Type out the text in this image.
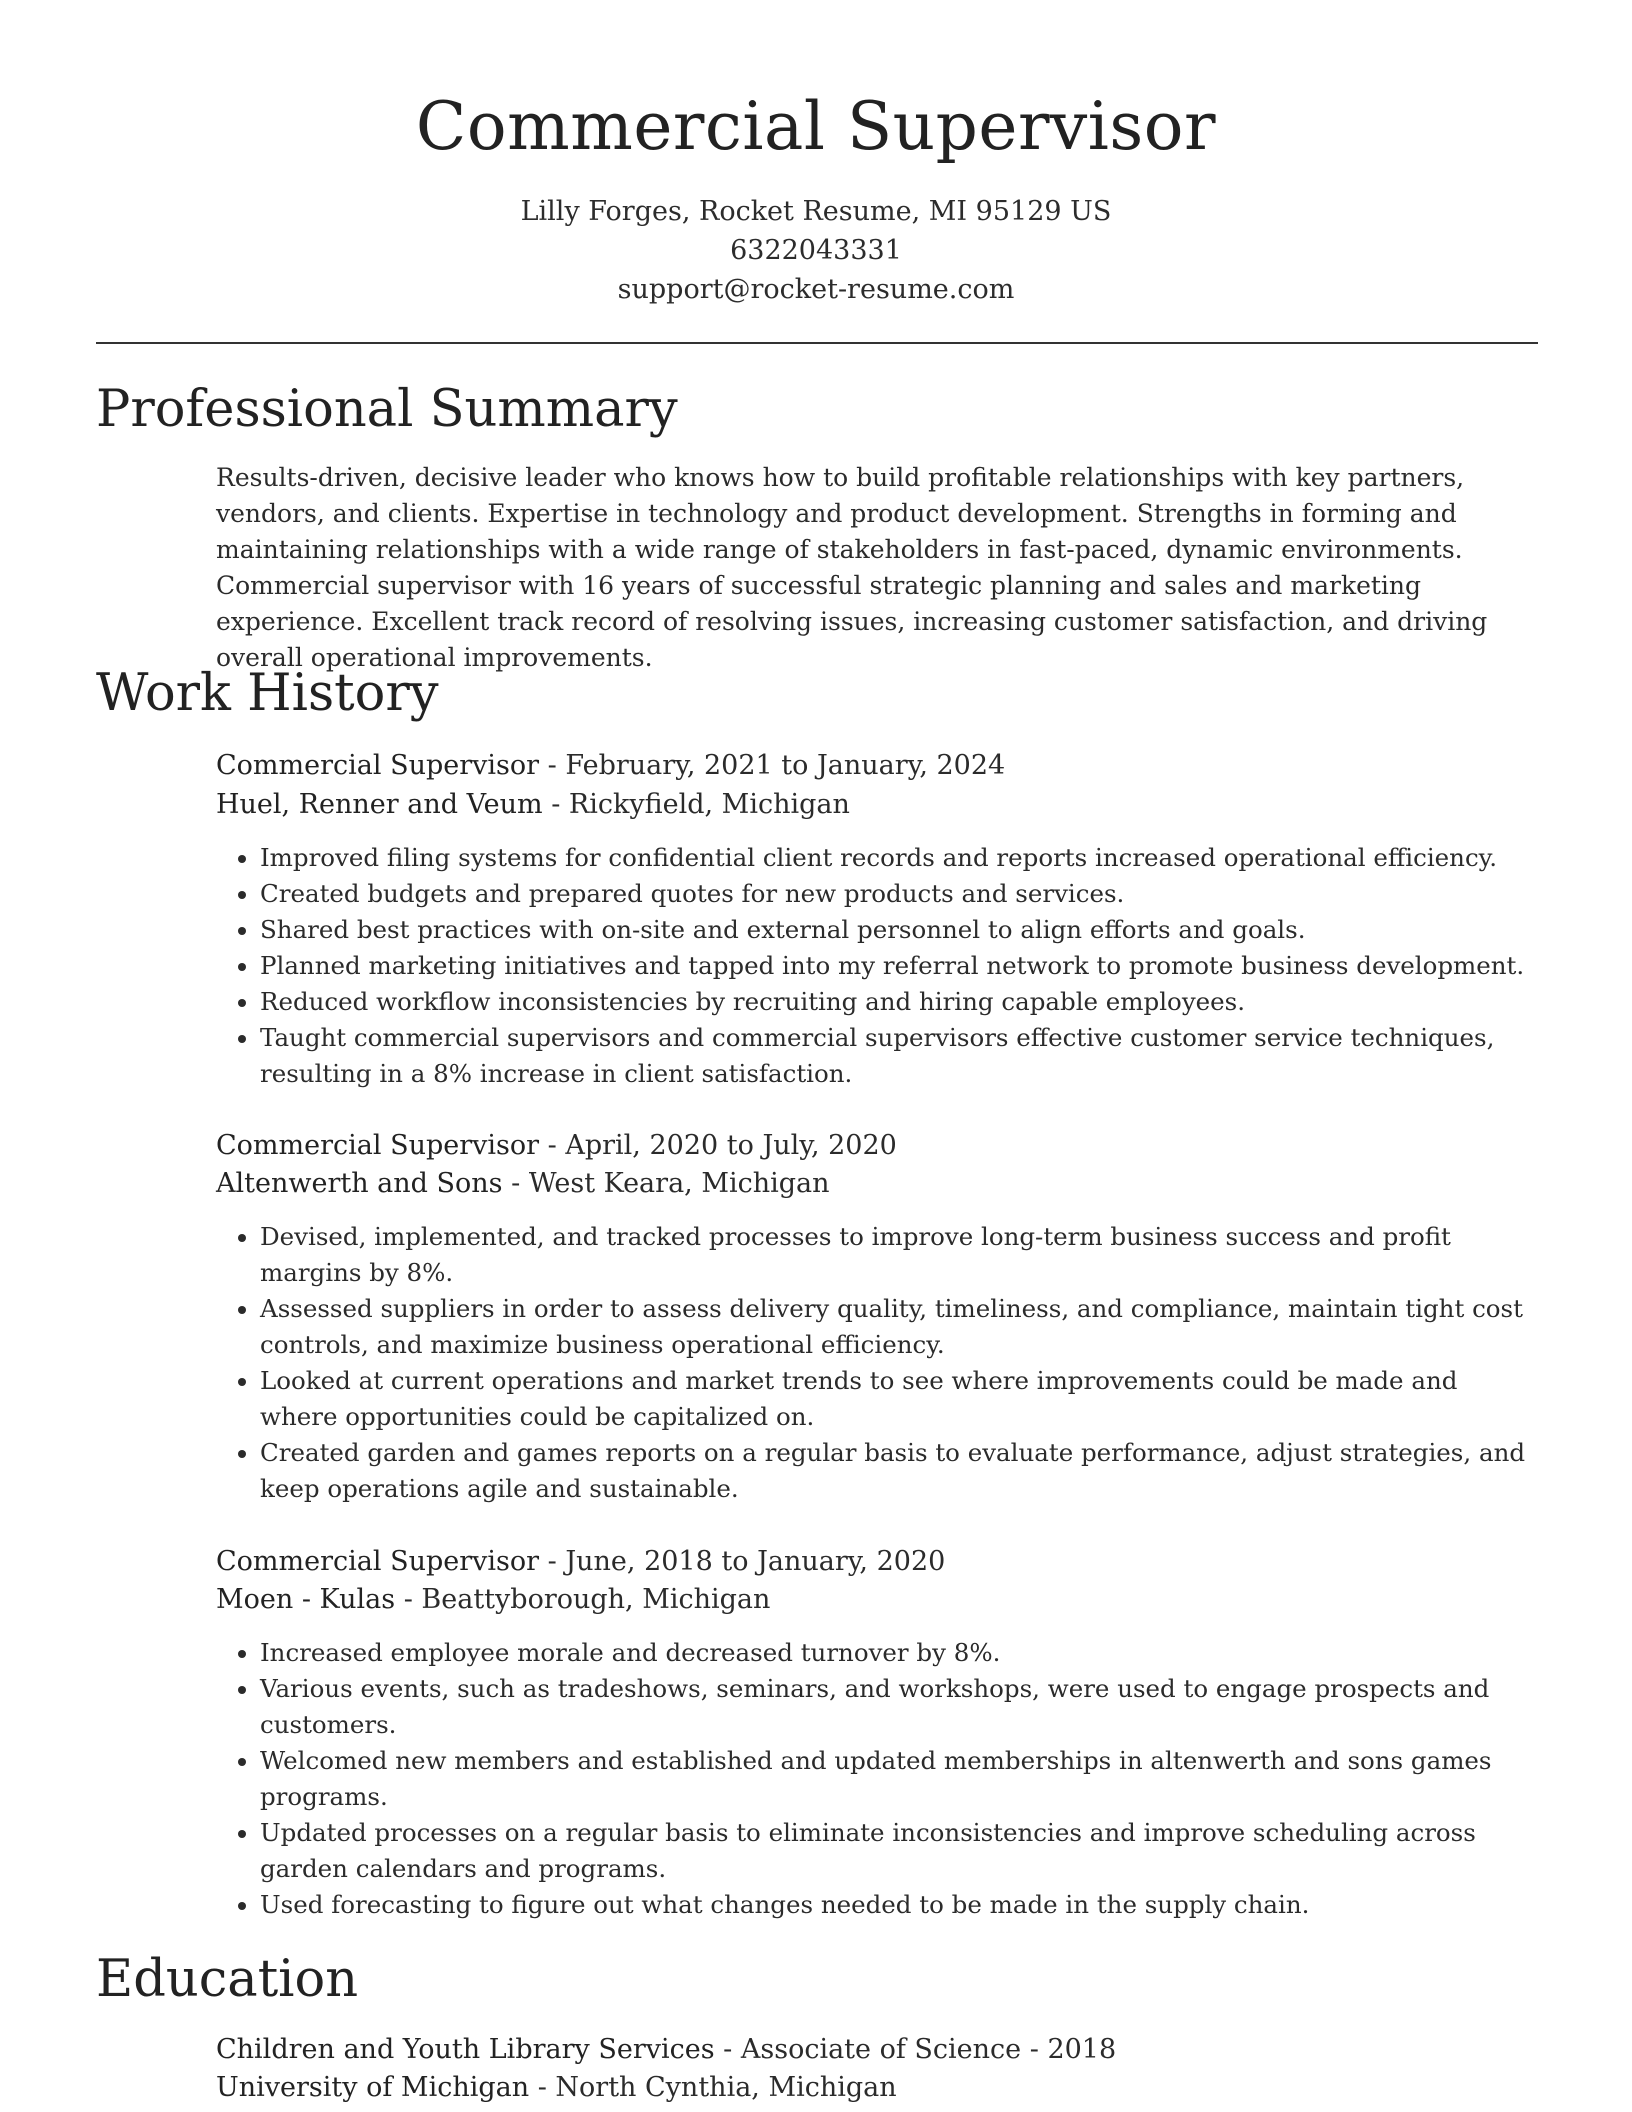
Commercial Supervisor
Lilly Forges, Rocket Resume, MI 95129 US
6322043331
support@rocket-resume.com
Professional Summary

Results-driven, decisive leader who knows how to build profitable relationships with key partners, vendors, and clients. Expertise in technology and product development. Strengths in forming and maintaining relationships with a wide range of stakeholders in fast-paced, dynamic environments. Commercial supervisor with 16 years of successful strategic planning and sales and marketing experience. Excellent track record of resolving issues, increasing customer satisfaction, and driving overall operational improvements.

Work History
Commercial Supervisor - February, 2021 to January, 2024
Huel, Renner and Veum - Rickyfield, Michigan
• Improved filing systems for confidential client records and reports increased operational efficiency.
• Created budgets and prepared quotes for new products and services.
• Shared best practices with on-site and external personnel to align efforts and goals.
• Planned marketing initiatives and tapped into my referral network to promote business development.
• Reduced workflow inconsistencies by recruiting and hiring capable employees.
• Taught commercial supervisors and commercial supervisors effective customer service techniques, resulting in a 8% increase in client satisfaction.
Commercial Supervisor - April, 2020 to July, 2020
Altenwerth and Sons - West Keara, Michigan
• Devised, implemented, and tracked processes to improve long-term business success and profit margins by 8%.
• Assessed suppliers in order to assess delivery quality, timeliness, and compliance, maintain tight cost controls, and maximize business operational efficiency.
• Looked at current operations and market trends to see where improvements could be made and where opportunities could be capitalized on.
• Created garden and games reports on a regular basis to evaluate performance, adjust strategies, and keep operations agile and sustainable.
Commercial Supervisor - June, 2018 to January, 2020
Moen - Kulas - Beattyborough, Michigan
• Increased employee morale and decreased turnover by 8%.
• Various events, such as tradeshows, seminars, and workshops, were used to engage prospects and customers.
• Welcomed new members and established and updated memberships in altenwerth and sons games programs.
• Updated processes on a regular basis to eliminate inconsistencies and improve scheduling across garden calendars and programs.
• Used forecasting to figure out what changes needed to be made in the supply chain.
Education
Children and Youth Library Services - Associate of Science - 2018
University of Michigan - North Cynthia, Michigan
